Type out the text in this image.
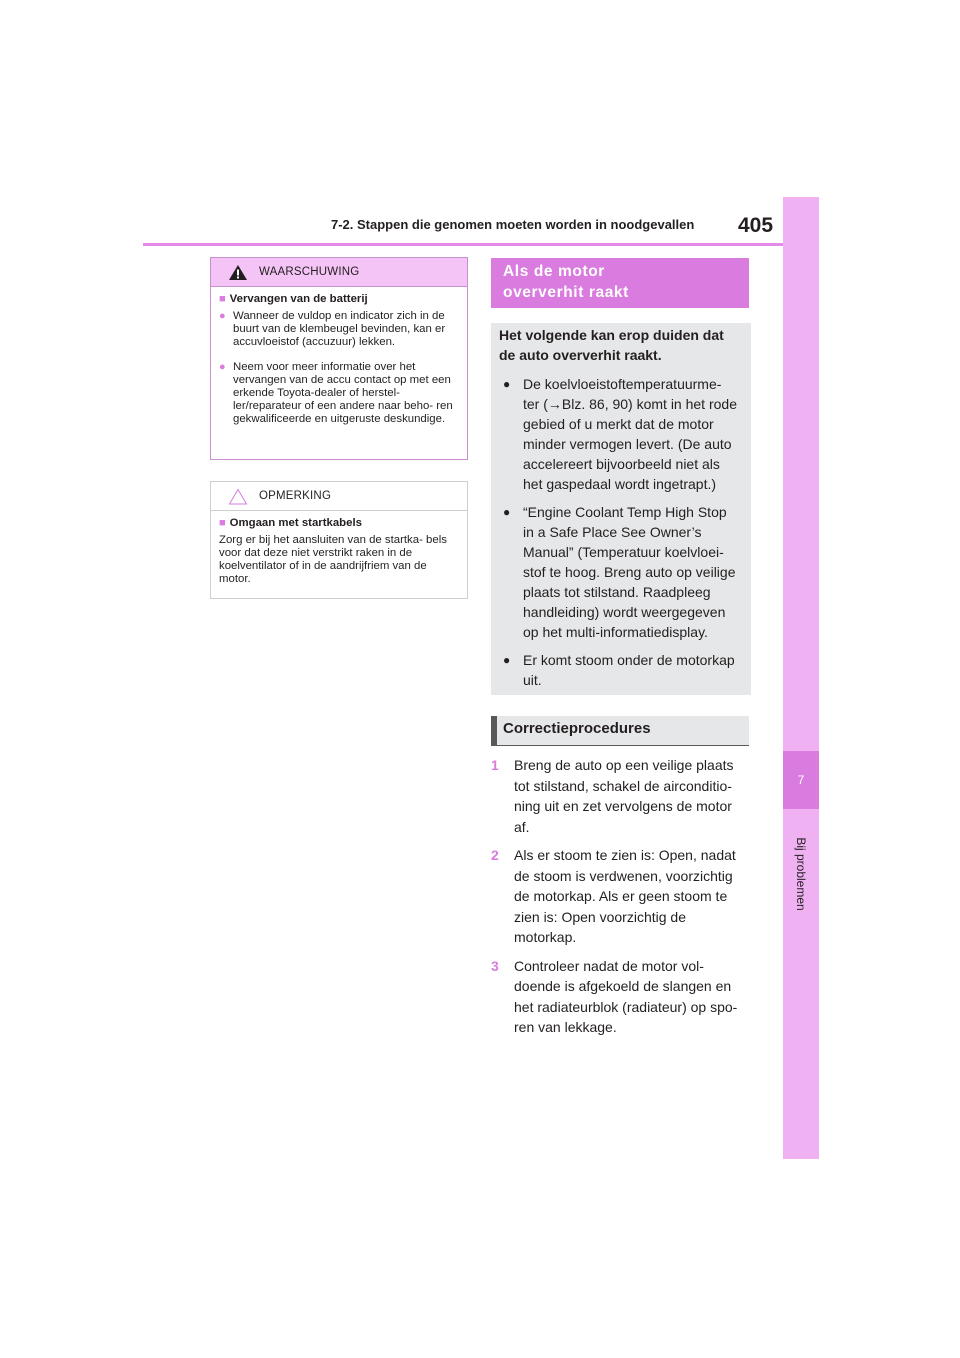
7-2. Stappen die genomen moeten worden in noodgevallen 405
7
Bij problemen
WAARSCHUWING
■ Vervangen van de batterij
● Wanneer de vuldop en indicator zich in de buurt van de klembeugel bevinden, kan er accuvloeistof (accuzuur) lekken.
● Neem voor meer informatie over het vervangen van de accu contact op met een erkende Toyota-dealer of herstel- ler/reparateur of een andere naar beho- ren gekwalificeerde en uitgeruste deskundige.
OPMERKING
■ Omgaan met startkabels
Zorg er bij het aansluiten van de startka- bels voor dat deze niet verstrikt raken in de koelventilator of in de aandrijfriem van de motor.
Als de motor
oververhit raakt
Het volgende kan erop duiden dat de auto oververhit raakt.
● De koelvloeistoftemperatuurme- ter (→Blz. 86, 90) komt in het rode gebied of u merkt dat de motor minder vermogen levert. (De auto accelereert bijvoorbeeld niet als het gaspedaal wordt ingetrapt.)
● “Engine Coolant Temp High Stop in a Safe Place See Owner’s Manual” (Temperatuur koelvloei- stof te hoog. Breng auto op veilige plaats tot stilstand. Raadpleeg handleiding) wordt weergegeven op het multi-informatiedisplay.
● Er komt stoom onder de motorkap uit.
Correctieprocedures
1	Breng de auto op een veilige plaats tot stilstand, schakel de airconditio- ning uit en zet vervolgens de motor af.
2	Als er stoom te zien is: Open, nadat de stoom is verdwenen, voorzichtig de motorkap. Als er geen stoom te zien is: Open voorzichtig de motorkap.
3	Controleer nadat de motor vol- doende is afgekoeld de slangen en het radiateurblok (radiateur) op spo- ren van lekkage.
